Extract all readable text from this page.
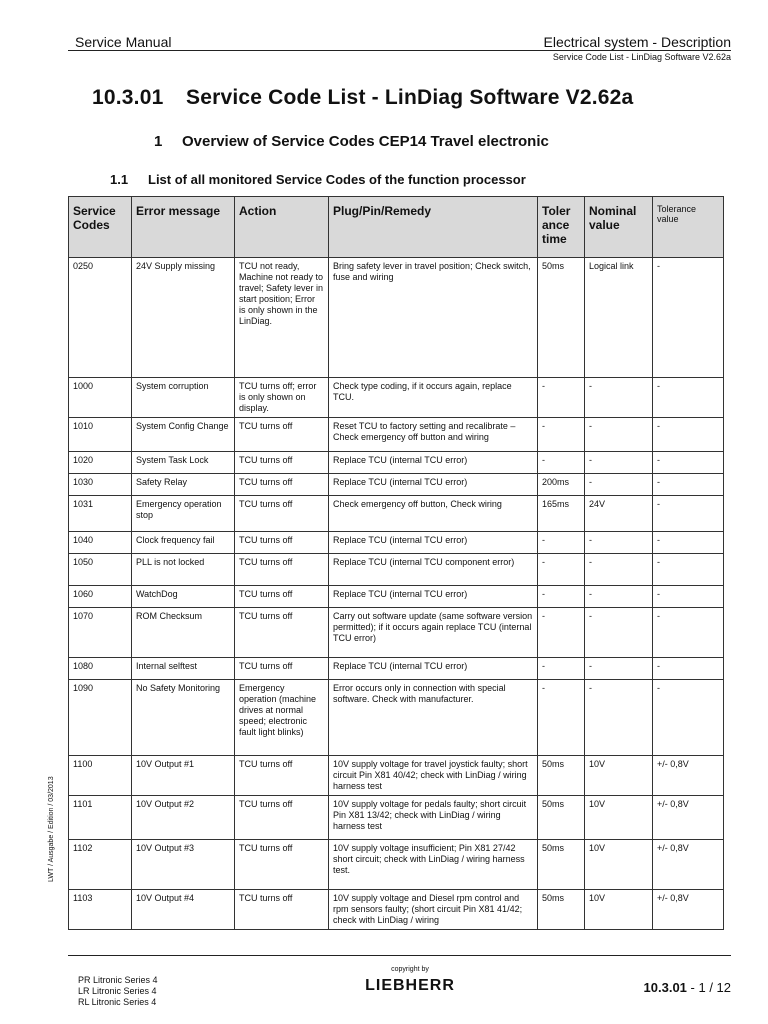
Service Manual	Electrical system - Description
Service Code List - LinDiag Software V2.62a
10.3.01 Service Code List - LinDiag Software V2.62a
1 Overview of Service Codes CEP14 Travel electronic
1.1 List of all monitored Service Codes of the function processor
LWT / Ausgabe / Edition / 03/2013
Service Codes	Error message	Action	Plug/Pin/Remedy	Toler ance time	Nominal value	Tolerance value
0250	24V Supply missing	TCU not ready, Machine not ready to travel; Safety lever in start position; Error is only shown in the LinDiag.	Bring safety lever in travel position; Check switch, fuse and wiring	50ms	Logical link	-
1000	System corruption	TCU turns off; error is only shown on display.	Check type coding, if it occurs again, replace TCU.	-	-	-
1010	System Config Change	TCU turns off	Reset TCU to factory setting and recalibrate – Check emergency off button and wiring	-	-	-
1020	System Task Lock	TCU turns off	Replace TCU (internal TCU error)	-	-	-
1030	Safety Relay	TCU turns off	Replace TCU (internal TCU error)	200ms	-	-
1031	Emergency operation stop	TCU turns off	Check emergency off button, Check wiring	165ms	24V	-
1040	Clock frequency fail	TCU turns off	Replace TCU (internal TCU error)	-	-	-
1050	PLL is not locked	TCU turns off	Replace TCU (internal TCU component error)	-	-	-
1060	WatchDog	TCU turns off	Replace TCU (internal TCU error)	-	-	-
1070	ROM Checksum	TCU turns off	Carry out software update (same software version permitted); if it occurs again replace TCU (internal TCU error)	-	-	-
1080	Internal selftest	TCU turns off	Replace TCU (internal TCU error)	-	-	-
1090	No Safety Monitoring	Emergency operation (machine drives at normal speed; electronic fault light blinks)	Error occurs only in connection with special software. Check with manufacturer.	-	-	-
1100	10V Output #1	TCU turns off	10V supply voltage for travel joystick faulty; short circuit Pin X81 40/42; check with LinDiag / wiring harness test	50ms	10V	+/- 0,8V
1101	10V Output #2	TCU turns off	10V supply voltage for pedals faulty; short circuit Pin X81 13/42; check with LinDiag / wiring harness test	50ms	10V	+/- 0,8V
1102	10V Output #3	TCU turns off	10V supply voltage insufficient; Pin X81 27/42 short circuit; check with LinDiag / wiring harness test.	50ms	10V	+/- 0,8V
1103	10V Output #4	TCU turns off	10V supply voltage and Diesel rpm control and rpm sensors faulty; (short circuit Pin X81 41/42; check with LinDiag / wiring	50ms	10V	+/- 0,8V
PR Litronic Series 4
LR Litronic Series 4
RL Litronic Series 4
copyright by
LIEBHERR	10.3.01 - 1 / 12
